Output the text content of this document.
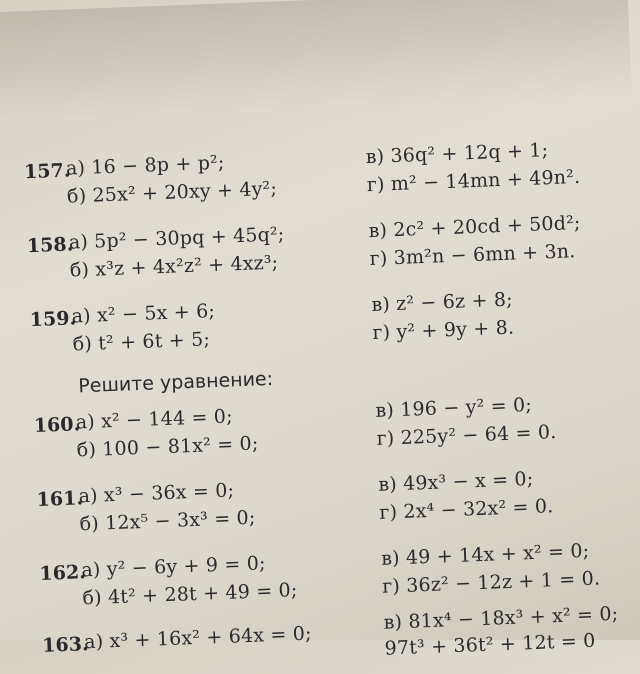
157.
а) 16 − 8p + p²;
б) 25x² + 20xy + 4y²;
в) 36q² + 12q + 1;
г) m² − 14mn + 49n².
158.
а) 5p² − 30pq + 45q²;
б) x³z + 4x²z² + 4xz³;
в) 2c² + 20cd + 50d²;
г) 3m²n − 6mn + 3n.
159.
а) x² − 5x + 6;
б) t² + 6t + 5;
в) z² − 6z + 8;
г) y² + 9y + 8.
Решите уравнение:
160.
а) x² − 144 = 0;
б) 100 − 81x² = 0;
в) 196 − y² = 0;
г) 225y² − 64 = 0.
161.
а) x³ − 36x = 0;
б) 12x⁵ − 3x³ = 0;
в) 49x³ − x = 0;
г) 2x⁴ − 32x² = 0.
162.
а) y² − 6y + 9 = 0;
б) 4t² + 28t + 49 = 0;
в) 49 + 14x + x² = 0;
г) 36z² − 12z + 1 = 0.
163.
а) x³ + 16x² + 64x = 0;
в) 81x⁴ − 18x³ + x² = 0;
97t³ + 36t² + 12t = 0
